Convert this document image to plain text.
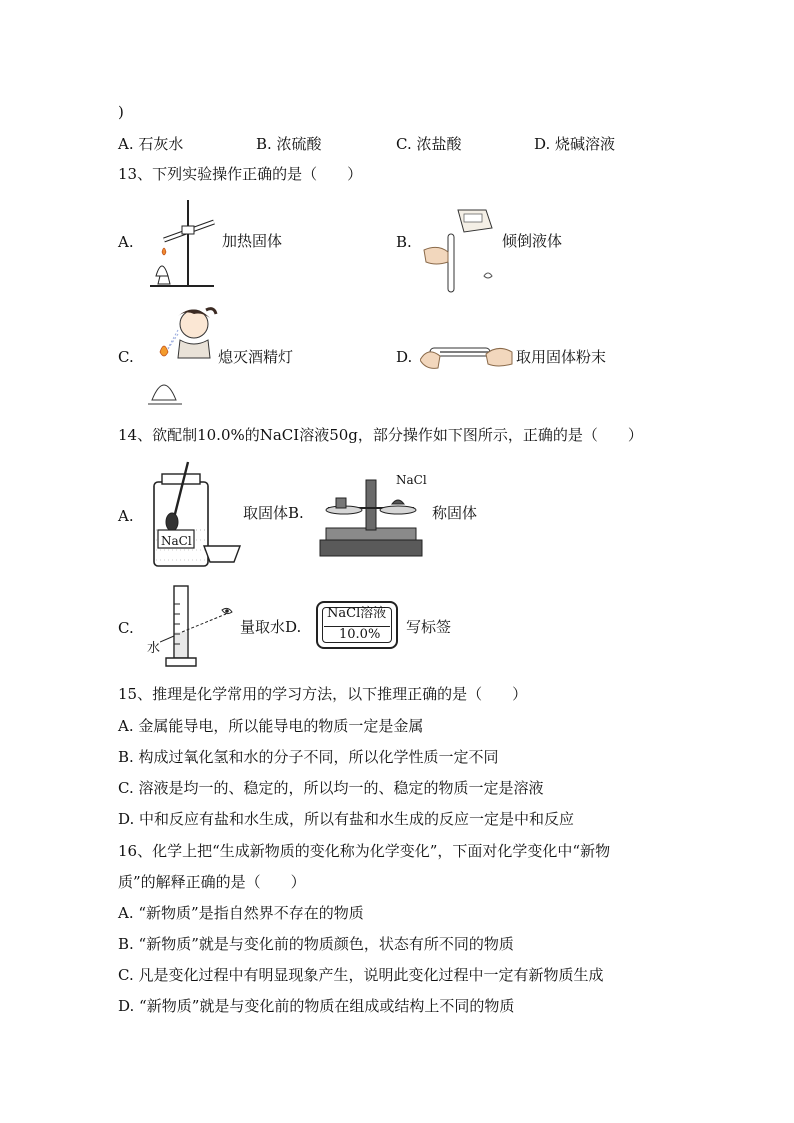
)
A. 石灰水	B. 浓硫酸	C. 浓盐酸	D. 烧碱溶液
13、下列实验操作正确的是（　　）
A.	加热固体	B.	倾倒液体
C.	熄灭酒精灯	D.	取用固体粉末
14、欲配制10.0%的NaCI溶液50g，部分操作如下图所示，正确的是（　　）
A.
NaCl
取固体B.
NaCl
称固体
C.
水
量取水D.
NaCl溶液
10.0% 写标签
15、推理是化学常用的学习方法，以下推理正确的是（　　）
A. 金属能导电，所以能导电的物质一定是金属
B. 构成过氧化氢和水的分子不同，所以化学性质一定不同
C. 溶液是均一的、稳定的，所以均一的、稳定的物质一定是溶液
D. 中和反应有盐和水生成，所以有盐和水生成的反应一定是中和反应
16、化学上把“生成新物质的变化称为化学变化”，下面对化学变化中“新物
质”的解释正确的是（　　）
A. “新物质”是指自然界不存在的物质
B. “新物质”就是与变化前的物质颜色，状态有所不同的物质
C. 凡是变化过程中有明显现象产生，说明此变化过程中一定有新物质生成
D. “新物质”就是与变化前的物质在组成或结构上不同的物质
